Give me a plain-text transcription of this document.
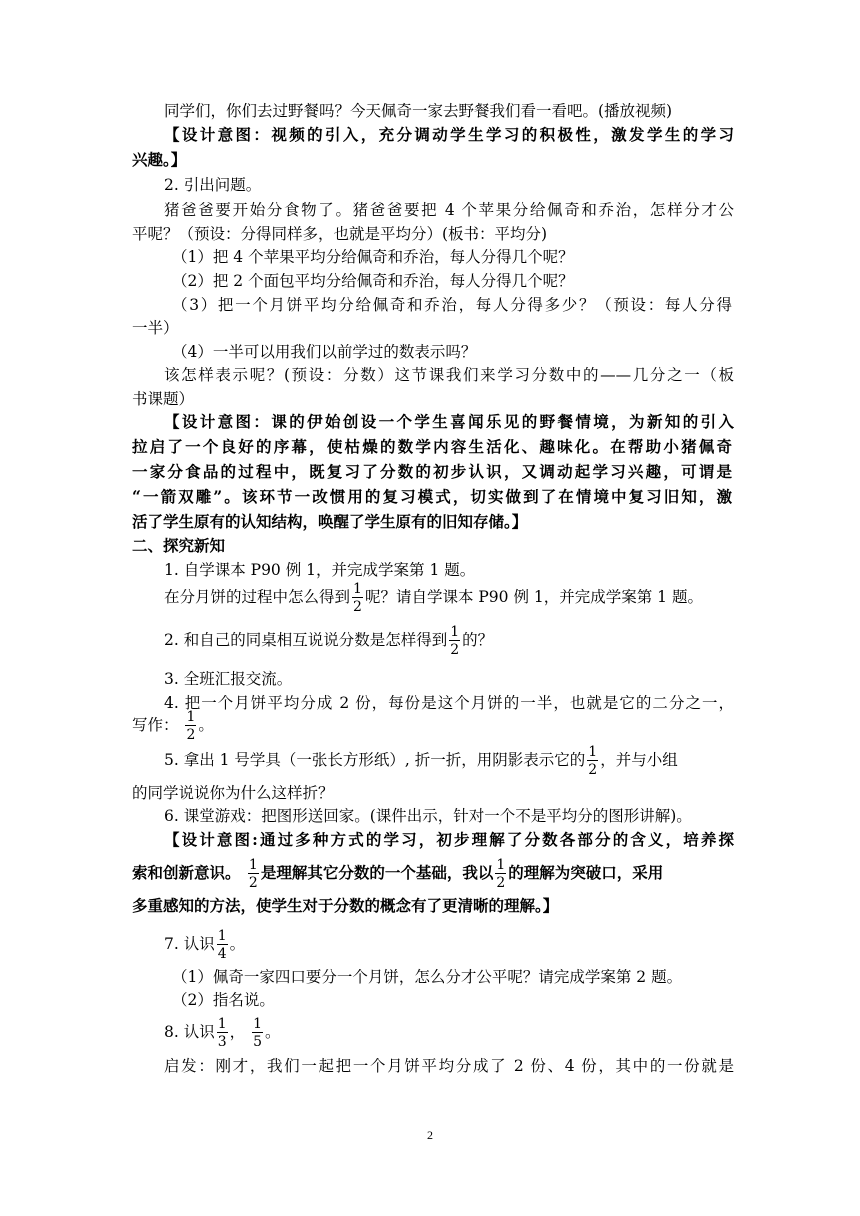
同学们，你们去过野餐吗？今天佩奇一家去野餐我们看一看吧。(播放视频)
【设计意图：视频的引入，充分调动学生学习的积极性，激发学生的学习
兴趣。】
2. 引出问题。
猪爸爸要开始分食物了。猪爸爸要把 4 个苹果分给佩奇和乔治，怎样分才公
平呢？（预设：分得同样多，也就是平均分）(板书：平均分)
（1）把 4 个苹果平均分给佩奇和乔治，每人分得几个呢？
（2）把 2 个面包平均分给佩奇和乔治，每人分得几个呢？
（3）把一个月饼平均分给佩奇和乔治，每人分得多少？（预设：每人分得
一半）
（4）一半可以用我们以前学过的数表示吗？
该怎样表示呢？(预设：分数）这节课我们来学习分数中的——几分之一（板
书课题）
【设计意图：课的伊始创设一个学生喜闻乐见的野餐情境，为新知的引入
拉启了一个良好的序幕，使枯燥的数学内容生活化、趣味化。在帮助小猪佩奇
一家分食品的过程中，既复习了分数的初步认识，又调动起学习兴趣，可谓是
“一箭双雕”。该环节一改惯用的复习模式，切实做到了在情境中复习旧知，激
活了学生原有的认知结构，唤醒了学生原有的旧知存储。】
二、探究新知
1. 自学课本 P90 例 1，并完成学案第 1 题。
在分月饼的过程中怎么得到 $\frac{1}{2}$ 呢？请自学课本 P90 例 1，并完成学案第 1 题。
2. 和自己的同桌相互说说分数是怎样得到 $\frac{1}{2}$ 的？
3. 全班汇报交流。
4. 把一个月饼平均分成 2 份，每份是这个月饼的一半，也就是它的二分之一，
写作： $\frac{1}{2}$ 。
5. 拿出 1 号学具（一张长方形纸）, 折一折，用阴影表示它的 $\frac{1}{2}$ ，并与小组
的同学说说你为什么这样折？
6. 课堂游戏：把图形送回家。(课件出示，针对一个不是平均分的图形讲解)。
【设计意图:通过多种方式的学习，初步理解了分数各部分的含义，培养探
索和创新意识。 $\frac{1}{2}$ 是理解其它分数的一个基础，我以 $\frac{1}{2}$ 的理解为突破口，采用
多重感知的方法，使学生对于分数的概念有了更清晰的理解。】
7. 认识 $\frac{1}{4}$ 。
（1）佩奇一家四口要分一个月饼，怎么分才公平呢？请完成学案第 2 题。
（2）指名说。
8. 认识 $\frac{1}{3}$ ， $\frac{1}{5}$ 。
启发：刚才，我们一起把一个月饼平均分成了 2 份、4 份，其中的一份就是
2
